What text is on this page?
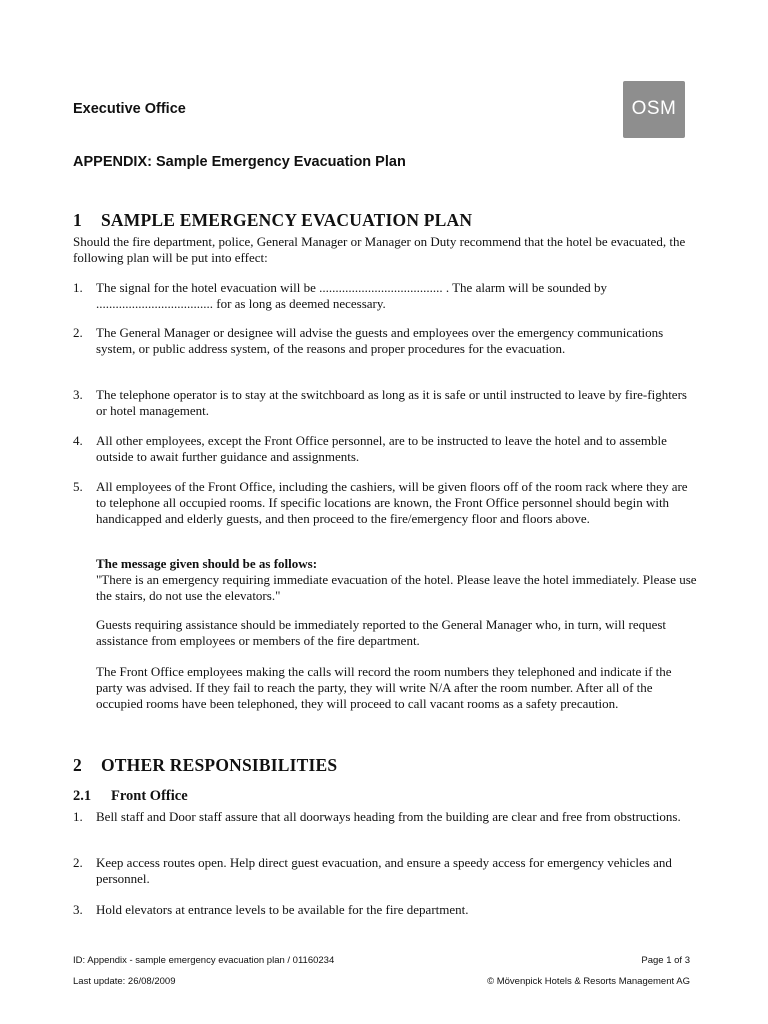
Executive Office	OSM
APPENDIX: Sample Emergency Evacuation Plan
1 SAMPLE EMERGENCY EVACUATION PLAN
Should the fire department, police, General Manager or Manager on Duty recommend that the hotel be evacuated, the following plan will be put into effect:
1. The signal for the hotel evacuation will be ...................................... . The alarm will be sounded by .................................... for as long as deemed necessary.
2. The General Manager or designee will advise the guests and employees over the emergency communications system, or public address system, of the reasons and proper procedures for the evacuation.
3. The telephone operator is to stay at the switchboard as long as it is safe or until instructed to leave by fire-fighters or hotel management.
4. All other employees, except the Front Office personnel, are to be instructed to leave the hotel and to assemble outside to await further guidance and assignments.
5. All employees of the Front Office, including the cashiers, will be given floors off of the room rack where they are to telephone all occupied rooms. If specific locations are known, the Front Office personnel should begin with handicapped and elderly guests, and then proceed to the fire/emergency floor and floors above.
The message given should be as follows:
"There is an emergency requiring immediate evacuation of the hotel. Please leave the hotel immediately. Please use the stairs, do not use the elevators."
Guests requiring assistance should be immediately reported to the General Manager who, in turn, will request assistance from employees or members of the fire department.
The Front Office employees making the calls will record the room numbers they telephoned and indicate if the party was advised. If they fail to reach the party, they will write N/A after the room number. After all of the occupied rooms have been telephoned, they will proceed to call vacant rooms as a safety precaution.
2 OTHER RESPONSIBILITIES
2.1 Front Office
1. Bell staff and Door staff assure that all doorways heading from the building are clear and free from obstructions.
2. Keep access routes open. Help direct guest evacuation, and ensure a speedy access for emergency vehicles and personnel.
3. Hold elevators at entrance levels to be available for the fire department.
ID: Appendix - sample emergency evacuation plan / 01160234	Page 1 of 3
Last update: 26/08/2009	© Mövenpick Hotels & Resorts Management AG
